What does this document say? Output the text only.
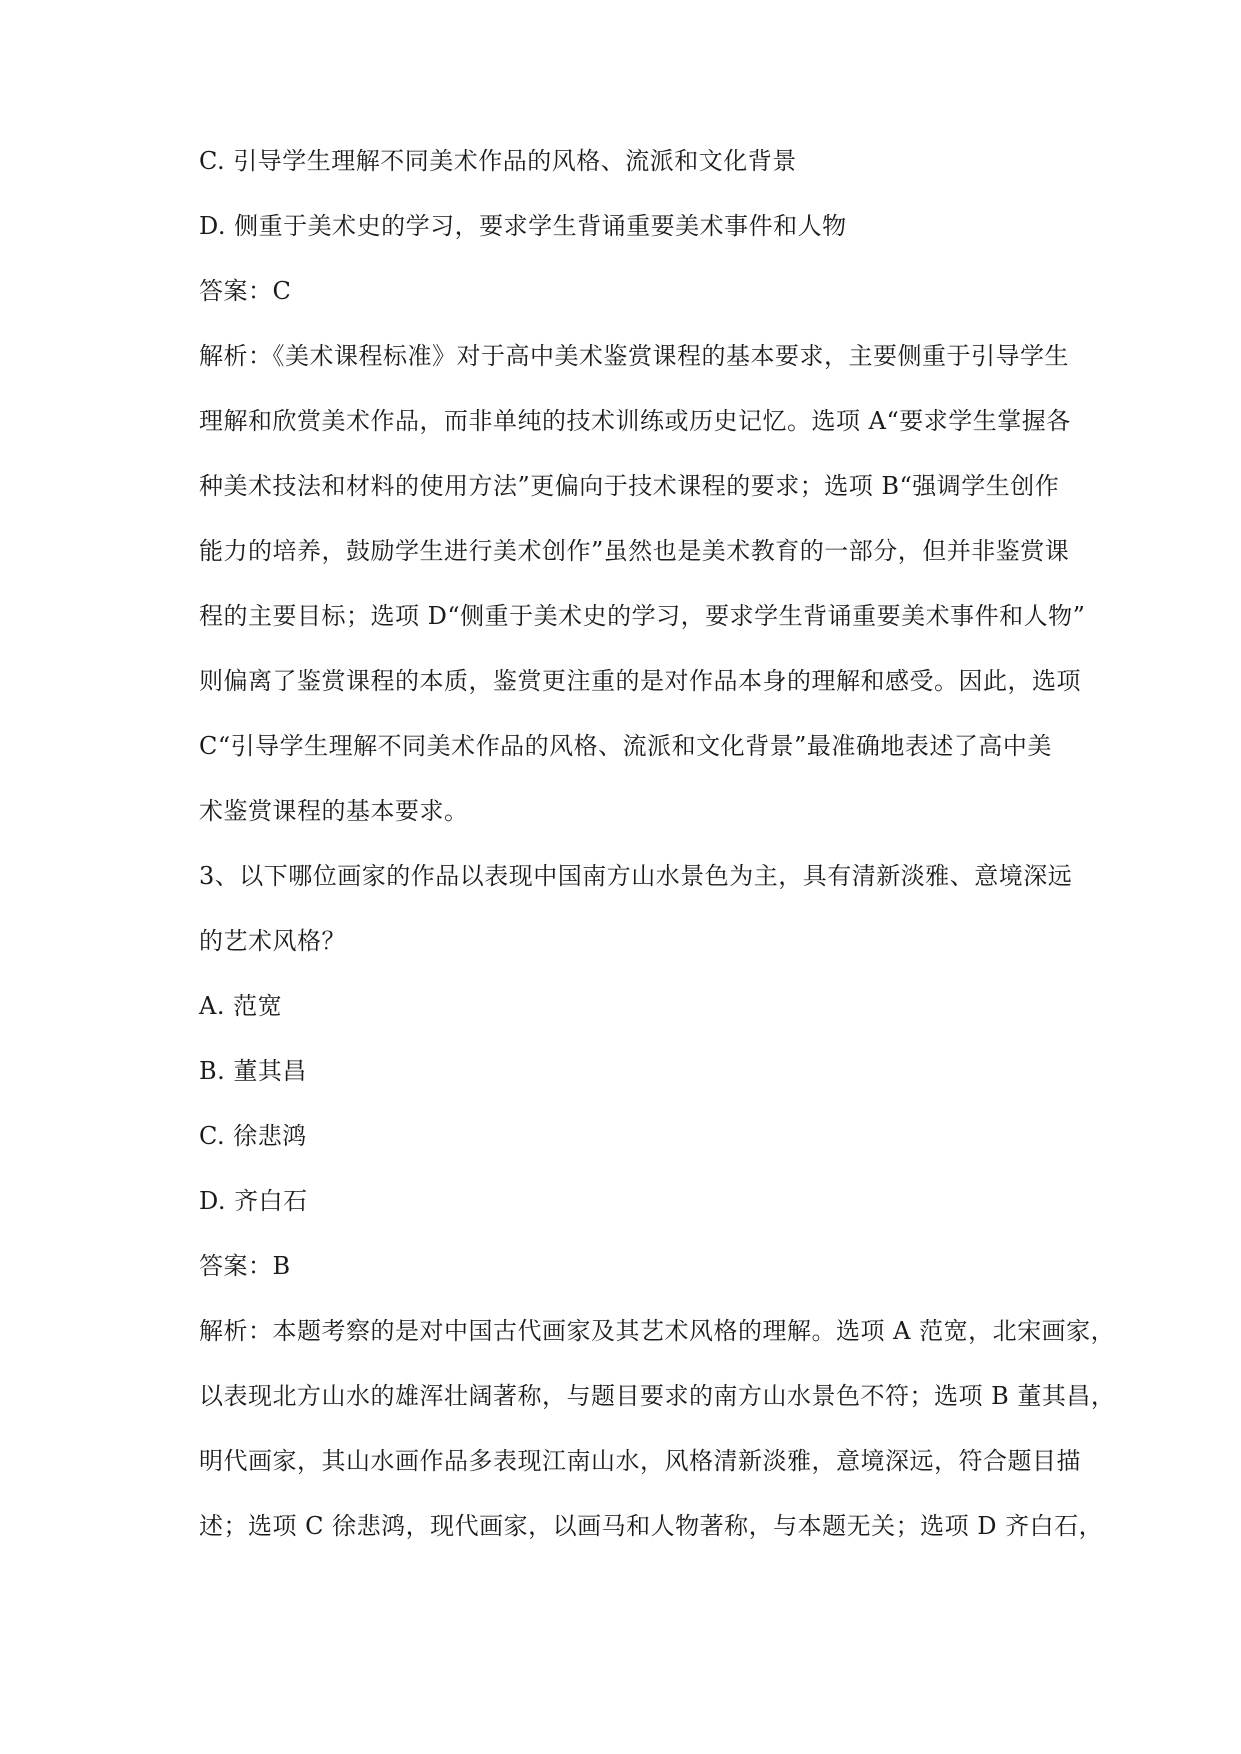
C. 引导学生理解不同美术作品的风格、流派和文化背景
D. 侧重于美术史的学习，要求学生背诵重要美术事件和人物
答案：C
解析：《美术课程标准》对于高中美术鉴赏课程的基本要求，主要侧重于引导学生
理解和欣赏美术作品，而非单纯的技术训练或历史记忆。选项 A“要求学生掌握各
种美术技法和材料的使用方法”更偏向于技术课程的要求；选项 B“强调学生创作
能力的培养，鼓励学生进行美术创作”虽然也是美术教育的一部分，但并非鉴赏课
程的主要目标；选项 D“侧重于美术史的学习，要求学生背诵重要美术事件和人物”
则偏离了鉴赏课程的本质，鉴赏更注重的是对作品本身的理解和感受。因此，选项
C“引导学生理解不同美术作品的风格、流派和文化背景”最准确地表述了高中美
术鉴赏课程的基本要求。
3、以下哪位画家的作品以表现中国南方山水景色为主，具有清新淡雅、意境深远
的艺术风格？
A. 范宽
B. 董其昌
C. 徐悲鸿
D. 齐白石
答案：B
解析：本题考察的是对中国古代画家及其艺术风格的理解。选项 A 范宽，北宋画家，
以表现北方山水的雄浑壮阔著称，与题目要求的南方山水景色不符；选项 B 董其昌，
明代画家，其山水画作品多表现江南山水，风格清新淡雅，意境深远，符合题目描
述；选项 C 徐悲鸿，现代画家，以画马和人物著称，与本题无关；选项 D 齐白石，
